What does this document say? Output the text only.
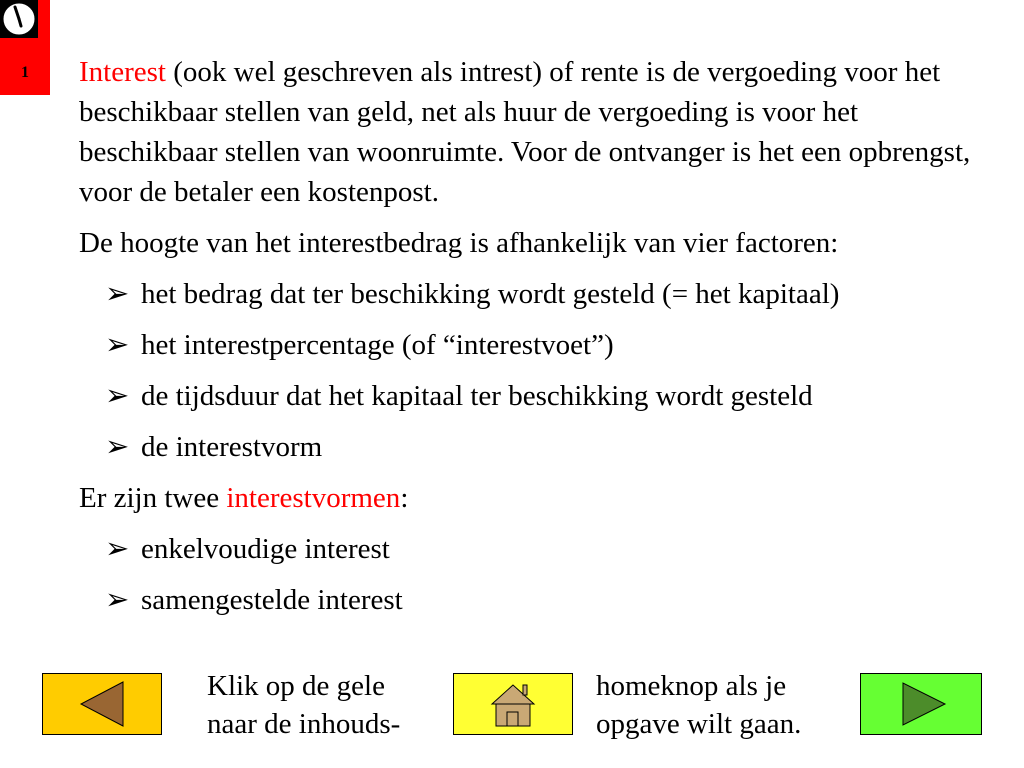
1	Interest (ook wel geschreven als intrest) of rente is de vergoeding voor het beschikbaar stellen van geld, net als huur de vergoeding is voor het beschikbaar stellen van woonruimte. Voor de ontvanger is het een opbrengst, voor de betaler een kostenpost.

De hoogte van het interestbedrag is afhankelijk van vier factoren:

➢ het bedrag dat ter beschikking wordt gesteld (= het kapitaal)
➢ het interestpercentage (of “interestvoet”)
➢ de tijdsduur dat het kapitaal ter beschikking wordt gesteld
➢ de interestvorm

Er zijn twee interestvormen:

➢ enkelvoudige interest
➢ samengestelde interest
Klik op de gele
naar de inhouds-
homeknop als je
opgave wilt gaan.
